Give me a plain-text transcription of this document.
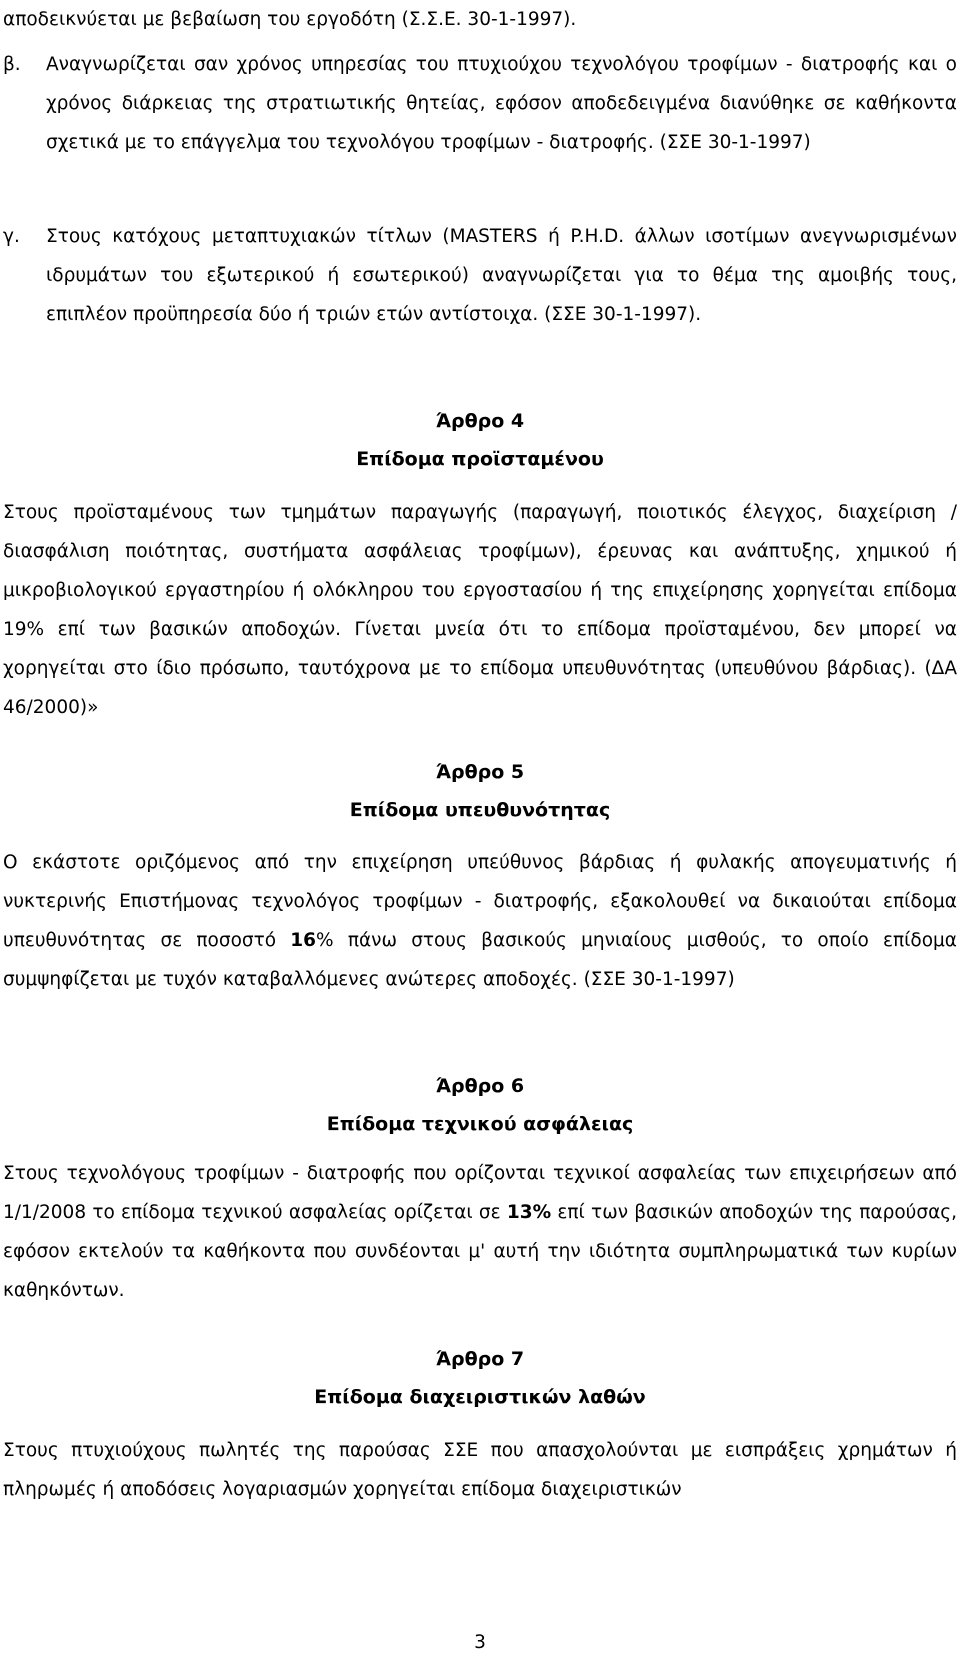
αποδεικνύεται με βεβαίωση του εργοδότη (Σ.Σ.Ε. 30-1-1997).
β. Αναγνωρίζεται σαν χρόνος υπηρεσίας του πτυχιούχου τεχνολόγου τροφίμων - διατροφής και ο χρόνος διάρκειας της στρατιωτικής θητείας, εφόσον αποδεδειγμένα διανύθηκε σε καθήκοντα σχετικά με το επάγγελμα του τεχνολόγου τροφίμων - διατροφής. (ΣΣΕ 30-1-1997)
γ. Στους κατόχους μεταπτυχιακών τίτλων (MASTERS ή P.H.D. άλλων ισοτίμων ανεγνωρισμένων ιδρυμάτων του εξωτερικού ή εσωτερικού) αναγνωρίζεται για το θέμα της αμοιβής τους, επιπλέον προϋπηρεσία δύο ή τριών ετών αντίστοιχα. (ΣΣΕ 30-1-1997).
Άρθρο 4
Επίδομα προϊσταμένου
Στους προϊσταμένους των τμημάτων παραγωγής (παραγωγή, ποιοτικός έλεγχος, διαχείριση /διασφάλιση ποιότητας, συστήματα ασφάλειας τροφίμων), έρευνας και ανάπτυξης, χημικού ή μικροβιολογικού εργαστηρίου ή ολόκληρου του εργοστασίου ή της επιχείρησης χορηγείται επίδομα 19% επί των βασικών αποδοχών. Γίνεται μνεία ότι το επίδομα προϊσταμένου, δεν μπορεί να χορηγείται στο ίδιο πρόσωπο, ταυτόχρονα με το επίδομα υπευθυνότητας (υπευθύνου βάρδιας). (ΔΑ 46/2000)»
Άρθρο 5
Επίδομα υπευθυνότητας
Ο εκάστοτε οριζόμενος από την επιχείρηση υπεύθυνος βάρδιας ή φυλακής απογευματινής ή νυκτερινής Επιστήμονας τεχνολόγος τροφίμων - διατροφής, εξακολουθεί να δικαιούται επίδομα υπευθυνότητας σε ποσοστό 16% πάνω στους βασικούς μηνιαίους μισθούς, το οποίο επίδομα συμψηφίζεται με τυχόν καταβαλλόμενες ανώτερες αποδοχές. (ΣΣΕ 30-1-1997)
Άρθρο 6
Επίδομα τεχνικού ασφάλειας
Στους τεχνολόγους τροφίμων - διατροφής που ορίζονται τεχνικοί ασφαλείας των επιχειρήσεων από 1/1/2008 το επίδομα τεχνικού ασφαλείας ορίζεται σε 13% επί των βασικών αποδοχών της παρούσας, εφόσον εκτελούν τα καθήκοντα που συνδέονται μ' αυτή την ιδιότητα συμπληρωματικά των κυρίων καθηκόντων.
Άρθρο 7
Επίδομα διαχειριστικών λαθών
Στους πτυχιούχους πωλητές της παρούσας ΣΣΕ που απασχολούνται με εισπράξεις χρημάτων ή πληρωμές ή αποδόσεις λογαριασμών χορηγείται επίδομα διαχειριστικών
3
